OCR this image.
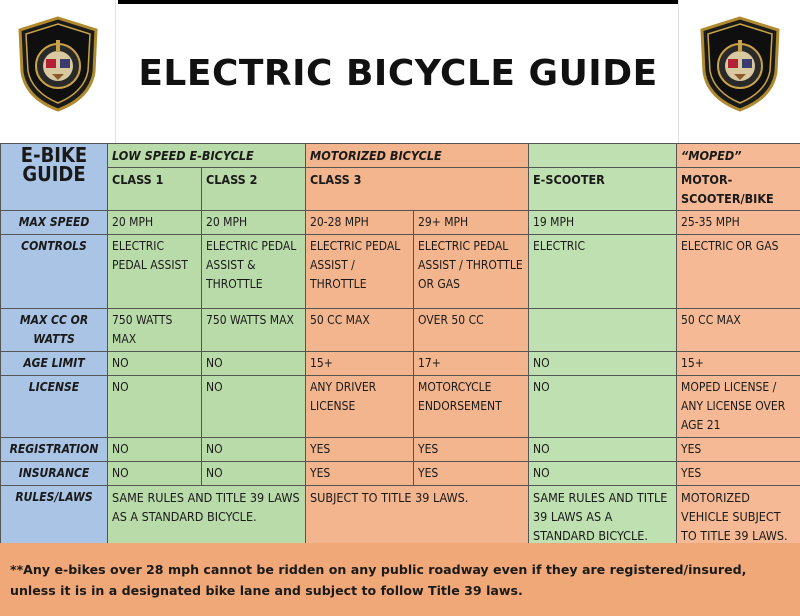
ELECTRIC BICYCLE GUIDE
E-BIKE GUIDE	LOW SPEED E-BICYCLE		MOTORIZED BICYCLE			“MOPED”
	CLASS 1	CLASS 2	CLASS 3		E-SCOOTER	MOTOR-SCOOTER/BIKE
MAX SPEED	20 MPH	20 MPH	20-28 MPH	29+ MPH	19 MPH	25-35 MPH
CONTROLS	ELECTRIC PEDAL ASSIST	ELECTRIC PEDAL ASSIST & THROTTLE	ELECTRIC PEDAL ASSIST / THROTTLE	ELECTRIC PEDAL ASSIST / THROTTLE OR GAS	ELECTRIC	ELECTRIC OR GAS
MAX CC OR WATTS	750 WATTS MAX	750 WATTS MAX	50 CC MAX	OVER 50 CC		50 CC MAX
AGE LIMIT	NO	NO	15+	17+	NO	15+
LICENSE	NO	NO	ANY DRIVER LICENSE	MOTORCYCLE ENDORSEMENT	NO	MOPED LICENSE / ANY LICENSE OVER AGE 21
REGISTRATION	NO	NO	YES	YES	NO	YES
INSURANCE	NO	NO	YES	YES	NO	YES
RULES/LAWS	SAME RULES AND TITLE 39 LAWS AS A STANDARD BICYCLE.		SUBJECT TO TITLE 39 LAWS.		SAME RULES AND TITLE 39 LAWS AS A STANDARD BICYCLE.	MOTORIZED VEHICLE SUBJECT TO TITLE 39 LAWS.
**Any e-bikes over 28 mph cannot be ridden on any public roadway even if they are registered/insured, unless it is in a designated bike lane and subject to follow Title 39 laws.
